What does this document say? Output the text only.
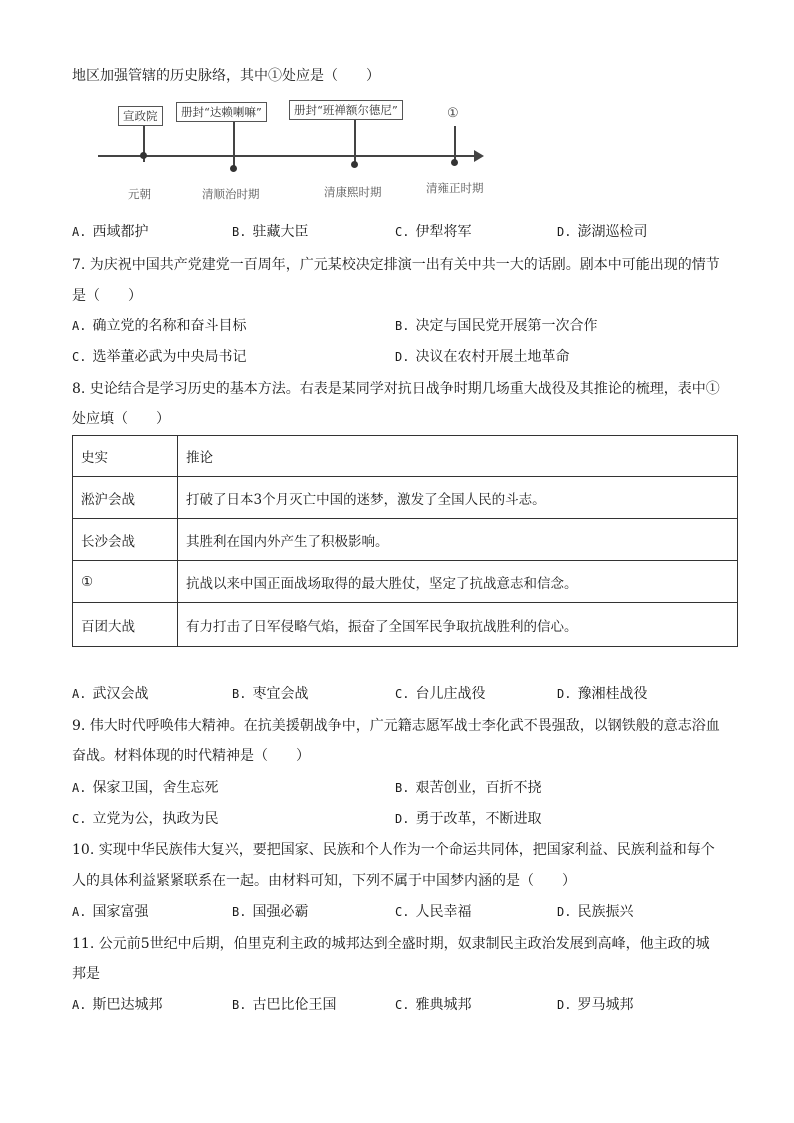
地区加强管辖的历史脉络，其中①处应是（　　）
宣政院
元朝
册封“达赖喇嘛”
清顺治时期
册封“班禅额尔德尼”
清康熙时期
①
清雍正时期
A. 西域都护	B. 驻藏大臣	C. 伊犁将军	D. 澎湖巡检司
7. 为庆祝中国共产党建党一百周年，广元某校决定排演一出有关中共一大的话剧。剧本中可能出现的情节
是（　　）
A. 确立党的名称和奋斗目标	B. 决定与国民党开展第一次合作
C. 选举董必武为中央局书记	D. 决议在农村开展土地革命
8. 史论结合是学习历史的基本方法。右表是某同学对抗日战争时期几场重大战役及其推论的梳理，表中①
处应填（　　）
史实	推论
淞沪会战	打破了日本3个月灭亡中国的迷梦，激发了全国人民的斗志。
长沙会战	其胜利在国内外产生了积极影响。
①	抗战以来中国正面战场取得的最大胜仗，坚定了抗战意志和信念。
百团大战	有力打击了日军侵略气焰，振奋了全国军民争取抗战胜利的信心。
A. 武汉会战	B. 枣宜会战	C. 台儿庄战役	D. 豫湘桂战役
9. 伟大时代呼唤伟大精神。在抗美援朝战争中，广元籍志愿军战士李化武不畏强敌，以钢铁般的意志浴血
奋战。材料体现的时代精神是（　　）
A. 保家卫国，舍生忘死	B. 艰苦创业，百折不挠
C. 立党为公，执政为民	D. 勇于改革，不断进取
10. 实现中华民族伟大复兴，要把国家、民族和个人作为一个命运共同体，把国家利益、民族利益和每个
人的具体利益紧紧联系在一起。由材料可知，下列不属于中国梦内涵的是（　　）
A. 国家富强	B. 国强必霸	C. 人民幸福	D. 民族振兴
11. 公元前5世纪中后期，伯里克利主政的城邦达到全盛时期，奴隶制民主政治发展到高峰，他主政的城
邦是
A. 斯巴达城邦	B. 古巴比伦王国	C. 雅典城邦	D. 罗马城邦
